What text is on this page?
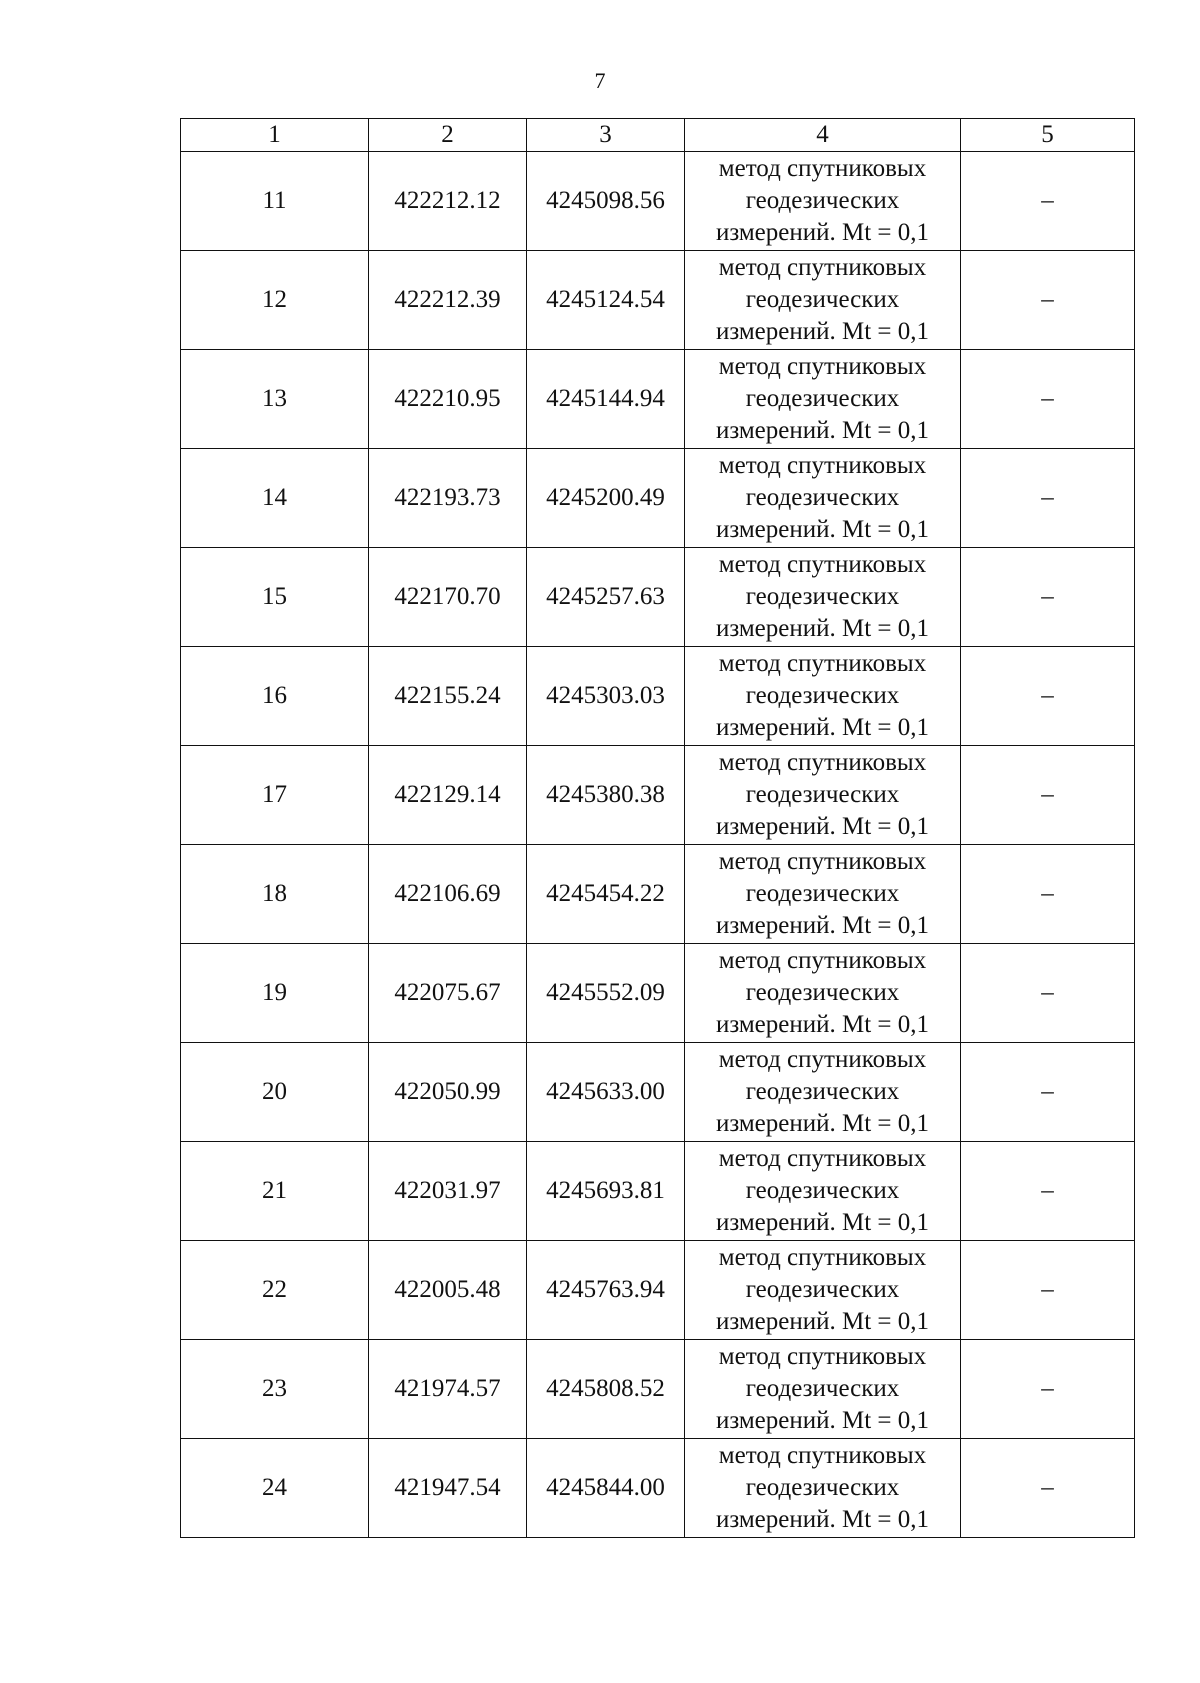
7
1	2	3	4	5
11	422212.12	4245098.56	метод спутниковых
геодезических
измерений. Mt = 0,1	–
12	422212.39	4245124.54	метод спутниковых
геодезических
измерений. Mt = 0,1	–
13	422210.95	4245144.94	метод спутниковых
геодезических
измерений. Mt = 0,1	–
14	422193.73	4245200.49	метод спутниковых
геодезических
измерений. Mt = 0,1	–
15	422170.70	4245257.63	метод спутниковых
геодезических
измерений. Mt = 0,1	–
16	422155.24	4245303.03	метод спутниковых
геодезических
измерений. Mt = 0,1	–
17	422129.14	4245380.38	метод спутниковых
геодезических
измерений. Mt = 0,1	–
18	422106.69	4245454.22	метод спутниковых
геодезических
измерений. Mt = 0,1	–
19	422075.67	4245552.09	метод спутниковых
геодезических
измерений. Mt = 0,1	–
20	422050.99	4245633.00	метод спутниковых
геодезических
измерений. Mt = 0,1	–
21	422031.97	4245693.81	метод спутниковых
геодезических
измерений. Mt = 0,1	–
22	422005.48	4245763.94	метод спутниковых
геодезических
измерений. Mt = 0,1	–
23	421974.57	4245808.52	метод спутниковых
геодезических
измерений. Mt = 0,1	–
24	421947.54	4245844.00	метод спутниковых
геодезических
измерений. Mt = 0,1	–
